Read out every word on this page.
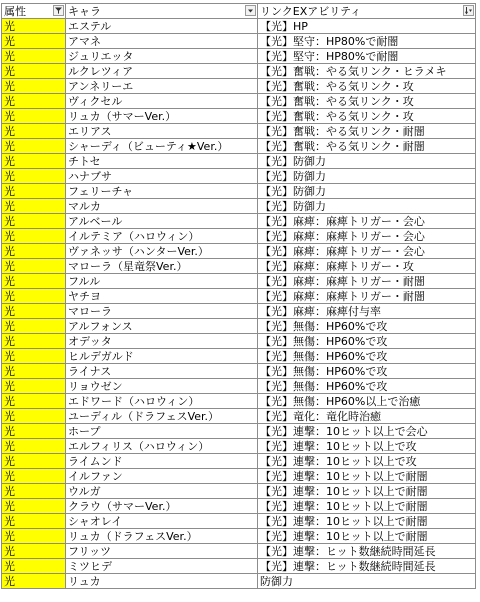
属性	キャラ	リンクEXアビリティ

光	エステル	【光】HP
光	アマネ	【光】堅守：HP80%で耐闇
光	ジュリエッタ	【光】堅守：HP80%で耐闇
光	ルクレツィア	【光】奮戦：やる気リンク・ヒラメキ
光	アンネリーエ	【光】奮戦：やる気リンク・攻
光	ヴィクセル	【光】奮戦：やる気リンク・攻
光	リュカ（サマーVer.）	【光】奮戦：やる気リンク・攻
光	エリアス	【光】奮戦：やる気リンク・耐闇
光	シャーディ（ビューティ★Ver.）	【光】奮戦：やる気リンク・耐闇
光	チトセ	【光】防御力
光	ハナブサ	【光】防御力
光	フェリーチャ	【光】防御力
光	マルカ	【光】防御力
光	アルベール	【光】麻痺：麻痺トリガー・会心
光	イルテミア（ハロウィン）	【光】麻痺：麻痺トリガー・会心
光	ヴァネッサ（ハンターVer.）	【光】麻痺：麻痺トリガー・会心
光	マローラ（星竜祭Ver.）	【光】麻痺：麻痺トリガー・攻
光	フルル	【光】麻痺：麻痺トリガー・耐闇
光	ヤチヨ	【光】麻痺：麻痺トリガー・耐闇
光	マローラ	【光】麻痺：麻痺付与率
光	アルフォンス	【光】無傷：HP60%で攻
光	オデッタ	【光】無傷：HP60%で攻
光	ヒルデガルド	【光】無傷：HP60%で攻
光	ライナス	【光】無傷：HP60%で攻
光	リョウゼン	【光】無傷：HP60%で攻
光	エドワード（ハロウィン）	【光】無傷：HP60%以上で治癒
光	ユーディル（ドラフェスVer.）	【光】竜化：竜化時治癒
光	ホープ	【光】連撃：10ヒット以上で会心
光	エルフィリス（ハロウィン）	【光】連撃：10ヒット以上で攻
光	ライムンド	【光】連撃：10ヒット以上で攻
光	イルファン	【光】連撃：10ヒット以上で耐闇
光	ウルガ	【光】連撃：10ヒット以上で耐闇
光	クラウ（サマーVer.）	【光】連撃：10ヒット以上で耐闇
光	シャオレイ	【光】連撃：10ヒット以上で耐闇
光	リュカ（ドラフェスVer.）	【光】連撃：10ヒット以上で耐闇
光	フリッツ	【光】連撃：ヒット数継続時間延長
光	ミツヒデ	【光】連撃：ヒット数継続時間延長
光	リュカ	防御力
